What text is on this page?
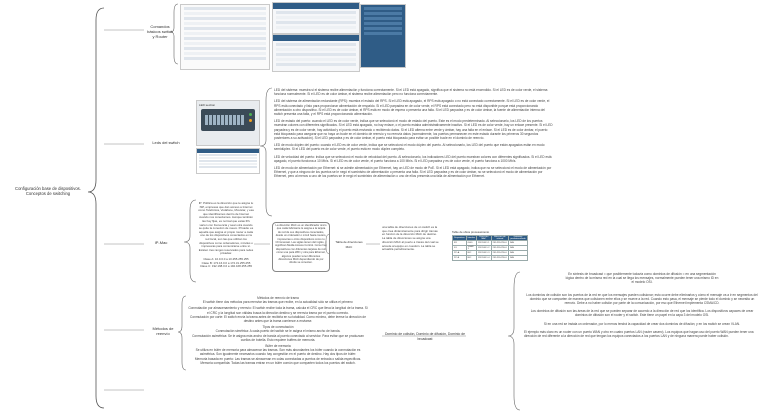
Configuración base de dispositivos. Conceptos de switching
Comandos básicos switch y Router
Leds del switch
LED section

LED del sistema: muestra si el sistema recibe alimentación y funciona correctamente. Si el LED está apagado, significa que el sistema no está encendido. Si el LED es de color verde, el sistema funciona normalmente. Si el LED es de color ámbar, el sistema recibe alimentación pero no funciona correctamente.

LED del sistema de alimentación redundante (RPS): muestra el estado del RPS. Si el LED está apagado, el RPS está apagado o no está conectado correctamente. Si el LED es de color verde, el RPS está conectado y listo para proporcionar alimentación de respaldo. Si el LED parpadea en de color verde, el RPS está conectado pero no está disponible porque está proporcionando alimentación a otro dispositivo. Si el LED es de color ámbar, el RPS está en modo de espera o presenta una falla. Si el LED parpadea y es de color ámbar, la fuente de alimentación interna del switch presenta una falla, y el RPS está proporcionando alimentación.

LED de estado del puerto: cuando el LED es de color verde, indica que se seleccionó el modo de estado del puerto. Este es el modo predeterminado. Al seleccionarlo, los LED de los puertos muestran colores con diferentes significados. Si el LED está apagado, no hay enlace, o el puerto estaba administrativamente inactivo. Si el LED es de color verde, hay un enlace presente. Si el LED parpadea y es de color verde, hay actividad y el puerto está enviando o recibiendo datos. Si el LED alterna entre verde y ámbar, hay una falla en el enlace. Si el LED es de color ámbar, el puerto está bloqueado para asegurar que no haya un bucle en el dominio de reenvío y no reenvía datos (normalmente, los puertos permanecen en este estado durante los primeros 30 segundos posteriores a su activación). Si el LED parpadea y es de color ámbar, el puerto está bloqueado para evitar un posible bucle en el dominio de reenvío.

LED de modo dúplex del puerto: cuando el LED es de color verde, indica que se seleccionó el modo dúplex del puerto. Al seleccionarlo, los LED del puerto que están apagados están en modo semidúplex. Si el LED del puerto es de color verde, el puerto está en modo dúplex completo.

LED de velocidad del puerto: indica que se seleccionó el modo de velocidad del puerto. Al seleccionarlo, los indicadores LED del puerto muestran colores con diferentes significados. Si el LED está apagado, el puerto funciona a 10 Mb/s. Si el LED es de color verde, el puerto funciona a 100 Mb/s. Si el LED parpadea y es de color verde, el puerto funciona a 1000 Mb/s.

LED de modo de alimentación por Ethernet: si se admite alimentación por Ethernet, hay un LED de modo de PoE. Si el LED está apagado, indica que no se seleccionó el modo de alimentación por Ethernet, y que a ninguno de los puertos se le negó el suministro de alimentación o presenta una falla. Si el LED parpadea y es de color ámbar, no se seleccionó el modo de alimentación por Ethernet, pero al menos a uno de los puertos se le negó el suministro de alimentación o uno de ellos presenta una falla de alimentación por Ethernet.

IP-Mac

IP: Pública es la dirección que te asigna tu ISP, empresas que dan acceso a Internet como Telefónica, Vodafone, Movistar, y esa que identificamos dentro de Internet cuando nos conectamos. Aunque también las hay fijas, es normal que estas IPs varíen con frecuencia y sean otra cuando se quite la conexión de nuevo. Privada: es aquella que asigna el propio router a cada uno de los dispositivos conectados en la red local, son las que utilizan los dispositivos como ordenadores, móviles o impresoras para comunicarse entre sí. Existen tres rangos reservados para redes privadas:

Clase A: 10.0.0.0 a 10.255.255.255
Clase B: 172.16.0.0 a 172.31.255.255
Clase C: 192.168.0.0 a 192.168.255.255

La dirección MAC es un identificador único que cada fabricante le asigna a la tarjeta de red de sus dispositivos conectados, desde un ordenador o móvil hasta routers, impresoras u otros dispositivos como tu Chromecast. Las siglas tienen del inglés, y significan Media Access Control. Como hay dispositivos con diferentes tarjetas de red, como una para WiFi y otra para Ethernet, algunos pueden tener diferentes direcciones MAC dependiendo de por dónde se conecten.

Tabla de direcciones MAC

una tabla de direcciones de un switch es la que crea dinámicamente para dirigir tramas en función de la dirección MAC de destino. La tabla de direcciones se asigna una dirección MAC al puerto a través del cual se accede al equipo en cuestión. La tabla se actualiza periódicamente.

Table de ubica procesamiento
Dispositivo	Interfaz	Dirección MAC	Máscara de subred	Gateway predeterminado
R1	G0/0	192.168.1.1	255.255.255.0	N/A
S1	VLAN 1	192.168.1.2	255.255.255.0	N/A
PC-A	NIC	192.168.1.3	255.255.255.0	N/A
PC-B	NIC	192.168.1.4	255.255.255.0	N/A
Métodos de reenvío
Métodos de reenvío de trama
El switch tiene dos métodos para reenviar las tramas que recibe, en la actualidad sólo se utiliza el primero:
Conmutación por almacenamiento y reenvío: El switch recibe toda la trama, calcula el CRC que lleva la longitud de la trama. Si el CRC y la longitud son válidas busca la dirección destino y se reenvía trama por el puerto correcto.
Conmutación por corte: El switch envía la trama antes de recibirla en su totalidad. Como mínimo, debe leerse la dirección de destino antes que la trama comience a enviarse.
Tipos de conmutación
Conmutación simétrica: A cada puerto del switch se le asigna el mismo ancho de banda.
Conmutación asimétrica: Se le asigna más ancho de banda al puerto conectado al servidor. Para evitar que se produzcan cuellos de botella. Esto requiere buffers de memoria.
Búfer de memoria
Se utiliza en búfer de memoria para almacenar las tramas. Son más abundantes los búfer cuando la conmutación es asimétrica. Son igualmente necesarios cuando hay congestión en el puerto de destino. Hay dos tipos de búfer:
Memoria basada en puerto: Las tramas se almacenan en colas conectadas a puertos de entrada o salida específicos.
Memoria compartida: Todas las tramas entran en un búfer común que comparten todos los puertos del switch.
Dominio de colisión, Dominio de difusión, Dominio de broadcast

En síntesis de broadcast = que posiblemente todavía como dominios de difusión = en una segmentación lógica dentro de la misma red en la cual se llega los mensajes, normalmente pueden tener una mismo ID en el modelo OSI.

Los dominios de colisión son los puertos de la red en que los mensajes pueden colisionar; esto ocurre debe eliminarlos y cómo el mensaje va a ir en segmentos del dominio que se comparten de manera que colisionen entre ellos y se mueve a la red. Cuando esto pasa, el mensaje se pierde todo el dominio y se necesita un reenvío. Debe a no haber colisión por parte de la comunicación, por eso que Ethernet implementa CSMA/CD.

Los dominios de difusión son las áreas de la red que se pueden separar de acuerdo a la dirección de red que los identifica. Los dispositivos capaces de crear dominios de difusión son el router y el switch. Este tiene un papel en la capa 3 del modelo OSI.

Si en una red se instala un ordenador, por lo menos tendrá la capacidad de crear dos dominios de difusión; y en los switch se crean VLAN.

El ejemplo más claro es un router con un puerto WAN y otro en cuatro puertos LAN (router casero). Los equipos que hagan uso del puerto WAN pueden tener una dirección de red diferente a la dirección de red que tengan los equipos conectados a los puertos LAN y de ninguna manera puede haber colisión.
